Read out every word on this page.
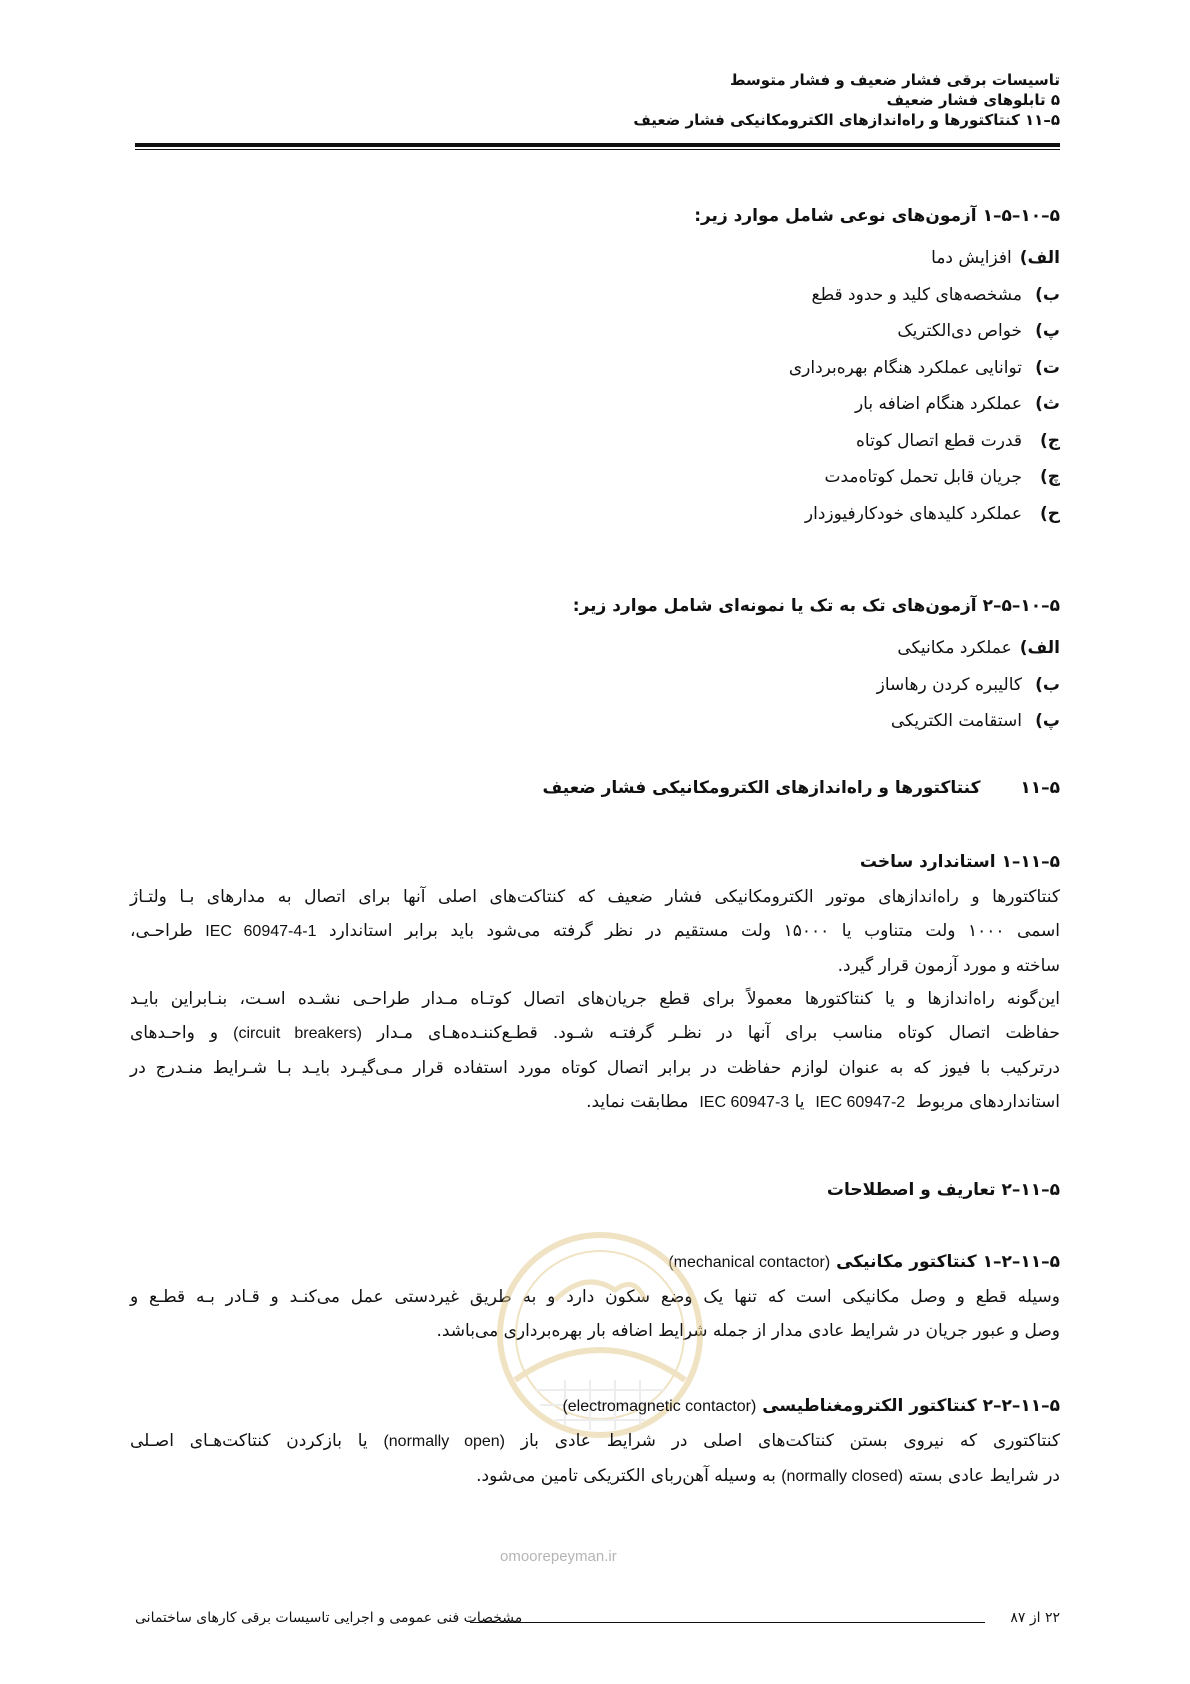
تاسیسات برقی فشار ضعیف و فشار متوسط
۵ تابلوهای فشار ضعیف
۵–۱۱ کنتاکتورها و راه‌اندازهای الکترومکانیکی فشار ضعیف
۵–۱۰–۵–۱ آزمون‌های نوعی شامل موارد زیر:
الف)افزایش دما
ب)مشخصه‌های کلید و حدود قطع
پ)خواص دی‌الکتریک
ت)توانایی عملکرد هنگام بهره‌برداری
ث)عملکرد هنگام اضافه بار
ج)قدرت قطع اتصال کوتاه
چ)جریان قابل تحمل کوتاه‌مدت
ح)عملکرد کلیدهای خودکارفیوزدار
۵–۱۰–۵–۲ آزمون‌های تک به تک یا نمونه‌ای شامل موارد زیر:
الف)عملکرد مکانیکی
ب)کالیبره کردن رهاساز
پ)استقامت الکتریکی
۵–۱۱  کنتاکتورها و راه‌اندازهای الکترومکانیکی فشار ضعیف
۵–۱۱–۱ استاندارد ساخت
کنتاکتورها و راه‌اندازهای موتور الکترومکانیکی فشار ضعیف که کنتاکت‌های اصلی آنها برای اتصال به مدارهای بـا ولتـاژ
اسمی ۱۰۰۰ ولت متناوب یا ۱۵۰۰۰ ولت مستقیم در نظر گرفته می‌شود باید برابر استاندارد IEC 60947-4-1 طراحـی،
ساخته و مورد آزمون قرار گیرد.
این‌گونه راه‌اندازها و یا کنتاکتورها معمولاً برای قطع جریان‌های اتصال کوتـاه مـدار طراحـی نشـده اسـت، بنـابراین بایـد
حفاظت اتصال کوتاه مناسب برای آنها در نظـر گرفتـه شـود. قطـع‌کننـده‌هـای مـدار (circuit breakers) و واحـدهای
درترکیب با فیوز که به عنوان لوازم حفاظت در برابر اتصال کوتاه مورد استفاده قرار مـی‌گیـرد بایـد بـا شـرایط منـدرج در
استانداردهای مربوط  IEC 60947-2  یا IEC 60947-3  مطابقت نماید.
۵–۱۱–۲ تعاریف و اصطلاحات
۵–۱۱–۲–۱ کنتاکتور مکانیکی (mechanical contactor)
وسیله قطع و وصل مکانیکی است که تنها یک وضع سکون دارد و به طریق غیردستی عمل می‌کنـد و قـادر بـه قطـع و
وصل و عبور جریان در شرایط عادی مدار از جمله شرایط اضافه بار بهره‌برداری می‌باشد.
omoorepeyman.ir
۵–۱۱–۲–۲ کنتاکتور الکترومغناطیسی (electromagnetic contactor)
کنتاکتوری که نیروی بستن کنتاکت‌های اصلی در شرایط عادی باز (normally open) یا بازکردن کنتاکت‌هـای اصـلی
در شرایط عادی بسته (normally closed) به وسیله آهن‌ربای الکتریکی تامین می‌شود.
۲۲ از ۸۷
مشخصات فنی عمومی و اجرایی تاسیسات برقی کارهای ساختمانی
